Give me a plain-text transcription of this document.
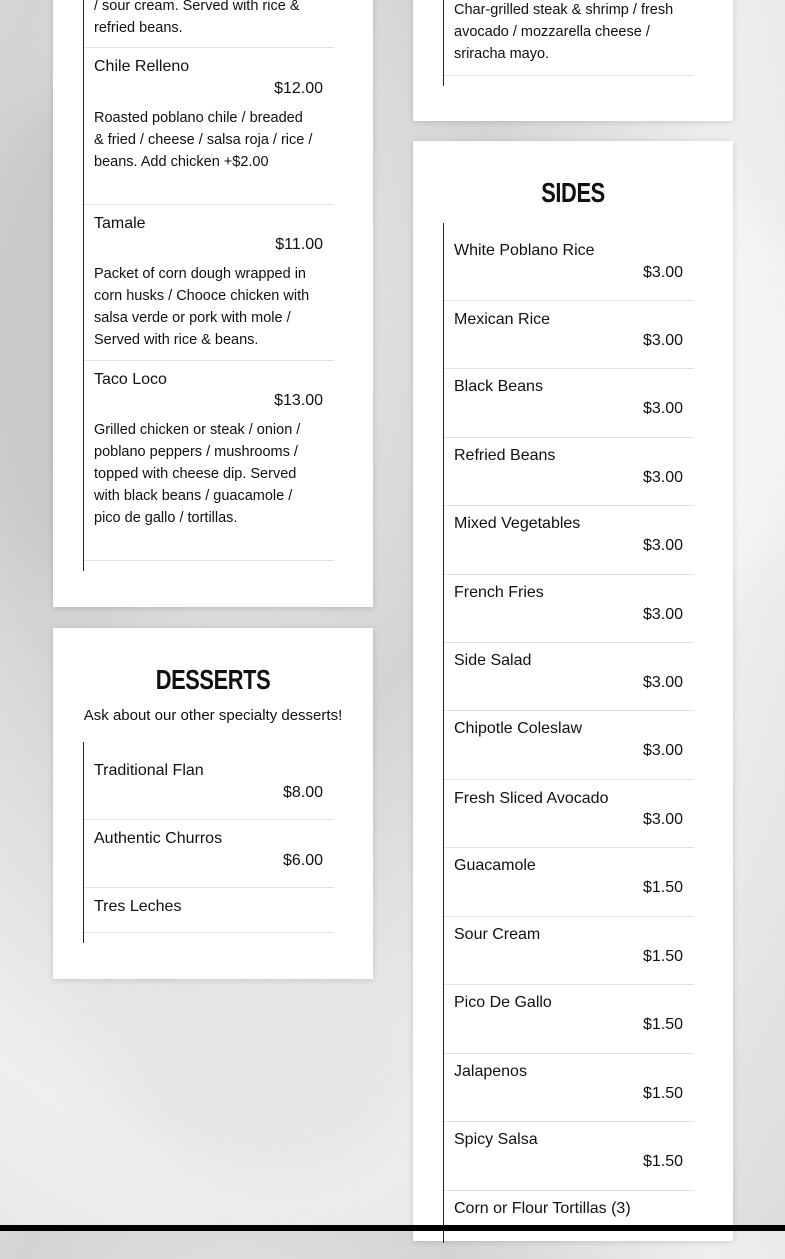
/ sour cream. Served with rice & refried beans.
Chile Relleno
$12.00
Roasted poblano chile / breaded & fried / cheese / salsa roja / rice / beans. Add chicken +$2.00
Tamale
$11.00
Packet of corn dough wrapped in corn husks / Chooce chicken with salsa verde or pork with mole / Served with rice & beans.
Taco Loco
$13.00
Grilled chicken or steak / onion / poblano peppers / mushrooms / topped with cheese dip. Served with black beans / guacamole / pico de gallo / tortillas.
Char-grilled steak & shrimp / fresh avocado / mozzarella cheese / sriracha mayo.
DESSERTS
Ask about our other specialty desserts!
Traditional Flan
$8.00
Authentic Churros
$6.00
Tres Leches
SIDES
White Poblano Rice
$3.00
Mexican Rice
$3.00
Black Beans
$3.00
Refried Beans
$3.00
Mixed Vegetables
$3.00
French Fries
$3.00
Side Salad
$3.00
Chipotle Coleslaw
$3.00
Fresh Sliced Avocado
$3.00
Guacamole
$1.50
Sour Cream
$1.50
Pico De Gallo
$1.50
Jalapenos
$1.50
Spicy Salsa
$1.50
Corn or Flour Tortillas (3)
